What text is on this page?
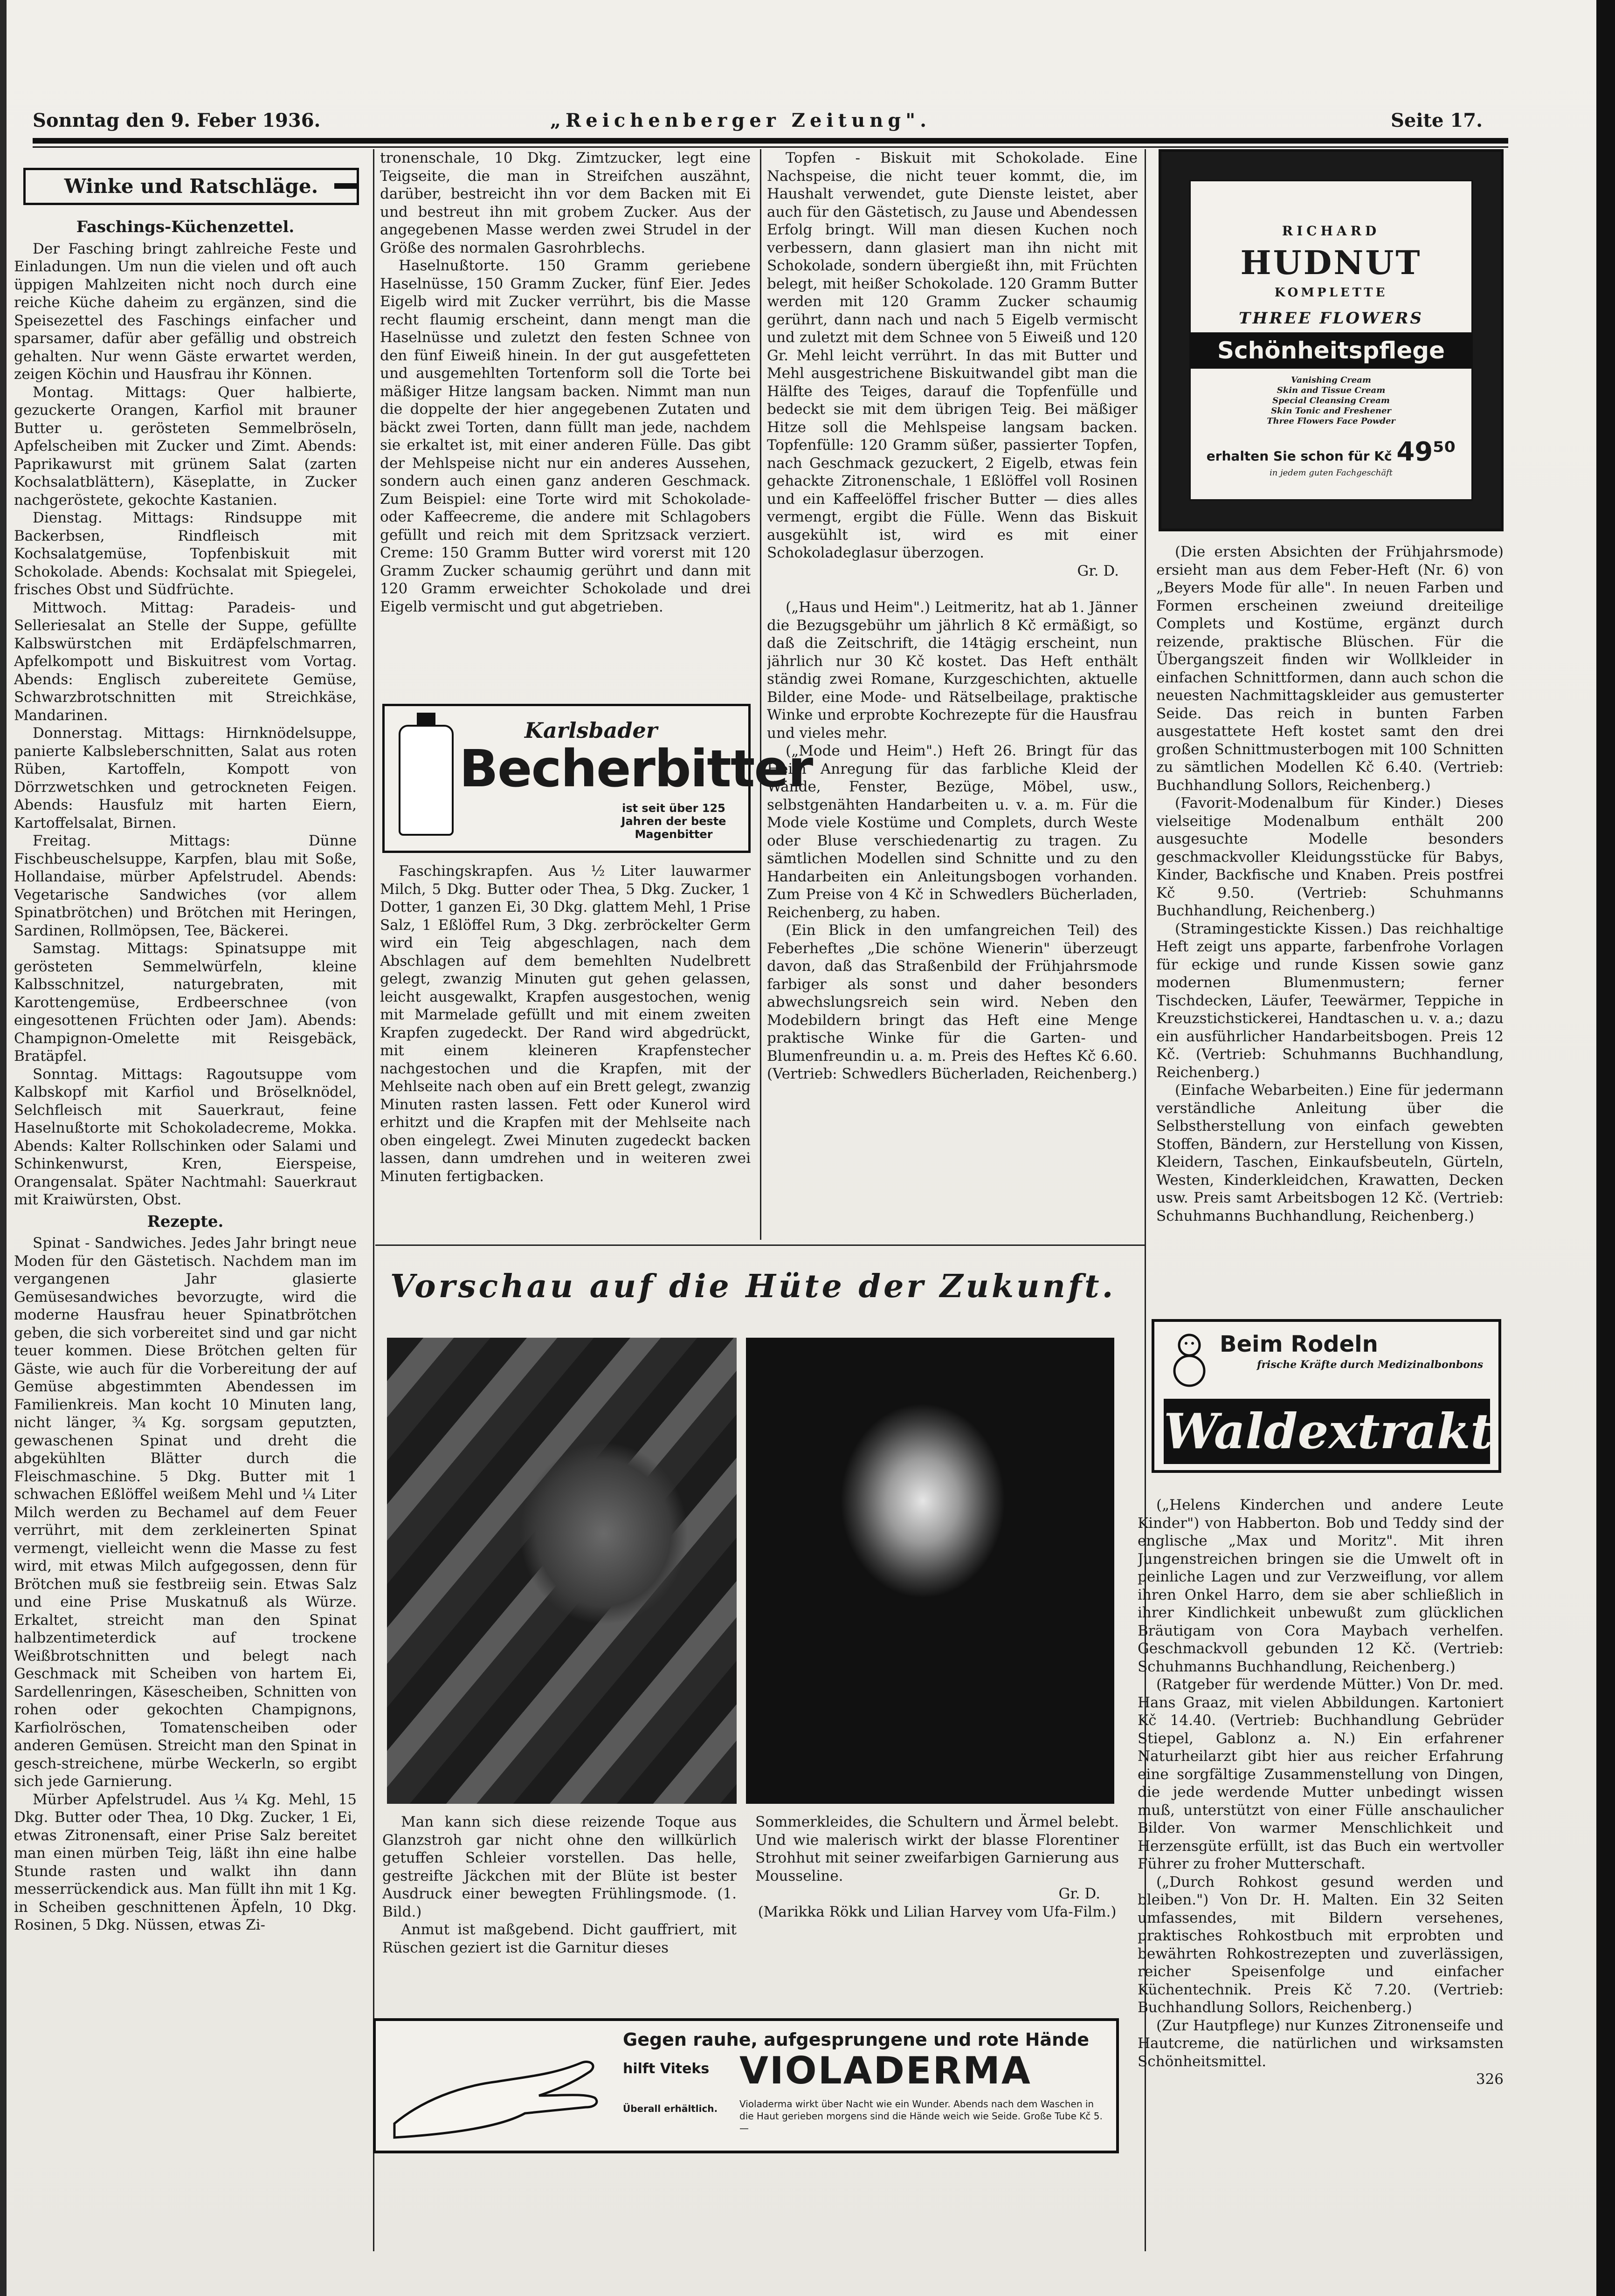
Sonntag den 9. Feber 1936.	„Reichenberger Zeitung".	Seite 17.
Winke und Ratschläge.
Faschings-Küchenzettel.

Der Fasching bringt zahlreiche Feste und Einladungen. Um nun die vielen und oft auch üppigen Mahlzeiten nicht noch durch eine reiche Küche daheim zu ergänzen, sind die Speisezettel des Faschings einfacher und sparsamer, dafür aber gefällig und obstreich gehalten. Nur wenn Gäste erwartet werden, zeigen Köchin und Hausfrau ihr Können.

Montag. Mittags: Quer halbierte, gezuckerte Orangen, Karfiol mit brauner Butter u. gerösteten Semmelbröseln, Apfelscheiben mit Zucker und Zimt. Abends: Paprikawurst mit grünem Salat (zarten Kochsalatblättern), Käseplatte, in Zucker nachgeröstete, gekochte Kastanien.

Dienstag. Mittags: Rindsuppe mit Backerbsen, Rindfleisch mit Kochsalatgemüse, Topfenbiskuit mit Schokolade. Abends: Kochsalat mit Spiegelei, frisches Obst und Südfrüchte.

Mittwoch. Mittag: Paradeis- und Selleriesalat an Stelle der Suppe, gefüllte Kalbswürstchen mit Erdäpfelschmarren, Apfelkompott und Biskuitrest vom Vortag. Abends: Englisch zubereitete Gemüse, Schwarzbrotschnitten mit Streichkäse, Mandarinen.

Donnerstag. Mittags: Hirnknödelsuppe, panierte Kalbsleberschnitten, Salat aus roten Rüben, Kartoffeln, Kompott von Dörrzwetschken und getrockneten Feigen. Abends: Hausfulz mit harten Eiern, Kartoffelsalat, Birnen.

Freitag. Mittags: Dünne Fischbeuschelsuppe, Karpfen, blau mit Soße, Hollandaise, mürber Apfelstrudel. Abends: Vegetarische Sandwiches (vor allem Spinatbrötchen) und Brötchen mit Heringen, Sardinen, Rollmöpsen, Tee, Bäckerei.

Samstag. Mittags: Spinatsuppe mit gerösteten Semmelwürfeln, kleine Kalbsschnitzel, naturgebraten, mit Karottengemüse, Erdbeerschnee (von eingesottenen Früchten oder Jam). Abends: Champignon-Omelette mit Reisgebäck, Bratäpfel.

Sonntag. Mittags: Ragoutsuppe vom Kalbskopf mit Karfiol und Bröselknödel, Selchfleisch mit Sauerkraut, feine Haselnußtorte mit Schokoladecreme, Mokka. Abends: Kalter Rollschinken oder Salami und Schinkenwurst, Kren, Eierspeise, Orangensalat. Später Nachtmahl: Sauerkraut mit Kraiwürsten, Obst.

Rezepte.

Spinat - Sandwiches. Jedes Jahr bringt neue Moden für den Gästetisch. Nachdem man im vergangenen Jahr glasierte Gemüsesandwiches bevorzugte, wird die moderne Hausfrau heuer Spinatbrötchen geben, die sich vorbereitet sind und gar nicht teuer kommen. Diese Brötchen gelten für Gäste, wie auch für die Vorbereitung der auf Gemüse abgestimmten Abendessen im Familienkreis. Man kocht 10 Minuten lang, nicht länger, ¾ Kg. sorgsam geputzten, gewaschenen Spinat und dreht die abgekühlten Blätter durch die Fleischmaschine. 5 Dkg. Butter mit 1 schwachen Eßlöffel weißem Mehl und ¼ Liter Milch werden zu Bechamel auf dem Feuer verrührt, mit dem zerkleinerten Spinat vermengt, vielleicht wenn die Masse zu fest wird, mit etwas Milch aufgegossen, denn für Brötchen muß sie festbreiig sein. Etwas Salz und eine Prise Muskatnuß als Würze. Erkaltet, streicht man den Spinat halbzentimeterdick auf trockene Weißbrotschnitten und belegt nach Geschmack mit Scheiben von hartem Ei, Sardellenringen, Käsescheiben, Schnitten von rohen oder gekochten Champignons, Karfiolröschen, Tomatenscheiben oder anderen Gemüsen. Streicht man den Spinat in gesch-streichene, mürbe Weckerln, so ergibt sich jede Garnierung.

Mürber Apfelstrudel. Aus ¼ Kg. Mehl, 15 Dkg. Butter oder Thea, 10 Dkg. Zucker, 1 Ei, etwas Zitronensaft, einer Prise Salz bereitet man einen mürben Teig, läßt ihn eine halbe Stunde rasten und walkt ihn dann messerrückendick aus. Man füllt ihn mit 1 Kg. in Scheiben geschnittenen Äpfeln, 10 Dkg. Rosinen, 5 Dkg. Nüssen, etwas Zi-

tronenschale, 10 Dkg. Zimtzucker, legt eine Teigseite, die man in Streifchen auszähnt, darüber, bestreicht ihn vor dem Backen mit Ei und bestreut ihn mit grobem Zucker. Aus der angegebenen Masse werden zwei Strudel in der Größe des normalen Gasrohrblechs.

Haselnußtorte. 150 Gramm geriebene Haselnüsse, 150 Gramm Zucker, fünf Eier. Jedes Eigelb wird mit Zucker verrührt, bis die Masse recht flaumig erscheint, dann mengt man die Haselnüsse und zuletzt den festen Schnee von den fünf Eiweiß hinein. In der gut ausgefetteten und ausgemehlten Tortenform soll die Torte bei mäßiger Hitze langsam backen. Nimmt man nun die doppelte der hier angegebenen Zutaten und bäckt zwei Torten, dann füllt man jede, nachdem sie erkaltet ist, mit einer anderen Fülle. Das gibt der Mehlspeise nicht nur ein anderes Aussehen, sondern auch einen ganz anderen Geschmack. Zum Beispiel: eine Torte wird mit Schokolade- oder Kaffeecreme, die andere mit Schlagobers gefüllt und reich mit dem Spritzsack verziert. Creme: 150 Gramm Butter wird vorerst mit 120 Gramm Zucker schaumig gerührt und dann mit 120 Gramm erweichter Schokolade und drei Eigelb vermischt und gut abgetrieben.

Karlsbader
Becherbitter
ist seit über 125 Jahren der beste Magenbitter

Faschingskrapfen. Aus ½ Liter lauwarmer Milch, 5 Dkg. Butter oder Thea, 5 Dkg. Zucker, 1 Dotter, 1 ganzen Ei, 30 Dkg. glattem Mehl, 1 Prise Salz, 1 Eßlöffel Rum, 3 Dkg. zerbröckelter Germ wird ein Teig abgeschlagen, nach dem Abschlagen auf dem bemehlten Nudelbrett gelegt, zwanzig Minuten gut gehen gelassen, leicht ausgewalkt, Krapfen ausgestochen, wenig mit Marmelade gefüllt und mit einem zweiten Krapfen zugedeckt. Der Rand wird abgedrückt, mit einem kleineren Krapfenstecher nachgestochen und die Krapfen, mit der Mehlseite nach oben auf ein Brett gelegt, zwanzig Minuten rasten lassen. Fett oder Kunerol wird erhitzt und die Krapfen mit der Mehlseite nach oben eingelegt. Zwei Minuten zugedeckt backen lassen, dann umdrehen und in weiteren zwei Minuten fertigbacken.

Topfen - Biskuit mit Schokolade. Eine Nachspeise, die nicht teuer kommt, die, im Haushalt verwendet, gute Dienste leistet, aber auch für den Gästetisch, zu Jause und Abendessen Erfolg bringt. Will man diesen Kuchen noch verbessern, dann glasiert man ihn nicht mit Schokolade, sondern übergießt ihn, mit Früchten belegt, mit heißer Schokolade. 120 Gramm Butter werden mit 120 Gramm Zucker schaumig gerührt, dann nach und nach 5 Eigelb vermischt und zuletzt mit dem Schnee von 5 Eiweiß und 120 Gr. Mehl leicht verrührt. In das mit Butter und Mehl ausgestrichene Biskuitwandel gibt man die Hälfte des Teiges, darauf die Topfenfülle und bedeckt sie mit dem übrigen Teig. Bei mäßiger Hitze soll die Mehlspeise langsam backen. Topfenfülle: 120 Gramm süßer, passierter Topfen, nach Geschmack gezuckert, 2 Eigelb, etwas fein gehackte Zitronenschale, 1 Eßlöffel voll Rosinen und ein Kaffeelöffel frischer Butter — dies alles vermengt, ergibt die Fülle. Wenn das Biskuit ausgekühlt ist, wird es mit einer Schokoladeglasur überzogen.

Gr. D.

(„Haus und Heim".) Leitmeritz, hat ab 1. Jänner die Bezugsgebühr um jährlich 8 Kč ermäßigt, so daß die Zeitschrift, die 14tägig erscheint, nun jährlich nur 30 Kč kostet. Das Heft enthält ständig zwei Romane, Kurzgeschichten, aktuelle Bilder, eine Mode- und Rätselbeilage, praktische Winke und erprobte Kochrezepte für die Hausfrau und vieles mehr.

(„Mode und Heim".) Heft 26. Bringt für das Heim Anregung für das farbliche Kleid der Wände, Fenster, Bezüge, Möbel, usw., selbstgenähten Handarbeiten u. v. a. m. Für die Mode viele Kostüme und Complets, durch Weste oder Bluse verschiedenartig zu tragen. Zu sämtlichen Modellen sind Schnitte und zu den Handarbeiten ein Anleitungsbogen vorhanden. Zum Preise von 4 Kč in Schwedlers Bücherladen, Reichenberg, zu haben.

(Ein Blick in den umfangreichen Teil) des Feberheftes „Die schöne Wienerin" überzeugt davon, daß das Straßenbild der Frühjahrsmode farbiger als sonst und daher besonders abwechslungsreich sein wird. Neben den Modebildern bringt das Heft eine Menge praktische Winke für die Garten- und Blumenfreundin u. a. m. Preis des Heftes Kč 6.60. (Vertrieb: Schwedlers Bücherladen, Reichenberg.)

RICHARD
HUDNUT
KOMPLETTE
THREE FLOWERS
Schönheitspflege
Vanishing Cream
Skin and Tissue Cream
Special Cleansing Cream
Skin Tonic and Freshener
Three Flowers Face Powder
erhalten Sie schon für Kč 49⁵⁰
in jedem guten Fachgeschäft

(Die ersten Absichten der Frühjahrsmode) ersieht man aus dem Feber-Heft (Nr. 6) von „Beyers Mode für alle". In neuen Farben und Formen erscheinen zweiund dreiteilige Complets und Kostüme, ergänzt durch reizende, praktische Blüschen. Für die Übergangszeit finden wir Wollkleider in einfachen Schnittformen, dann auch schon die neuesten Nachmittagskleider aus gemusterter Seide. Das reich in bunten Farben ausgestattete Heft kostet samt den drei großen Schnittmusterbogen mit 100 Schnitten zu sämtlichen Modellen Kč 6.40. (Vertrieb: Buchhandlung Sollors, Reichenberg.)

(Favorit-Modenalbum für Kinder.) Dieses vielseitige Modenalbum enthält 200 ausgesuchte Modelle besonders geschmackvoller Kleidungsstücke für Babys, Kinder, Backfische und Knaben. Preis postfrei Kč 9.50. (Vertrieb: Schuhmanns Buchhandlung, Reichenberg.)

(Stramingestickte Kissen.) Das reichhaltige Heft zeigt uns apparte, farbenfrohe Vorlagen für eckige und runde Kissen sowie ganz modernen Blumenmustern; ferner Tischdecken, Läufer, Teewärmer, Teppiche in Kreuzstichstickerei, Handtaschen u. v. a.; dazu ein ausführlicher Handarbeitsbogen. Preis 12 Kč. (Vertrieb: Schuhmanns Buchhandlung, Reichenberg.)

(Einfache Webarbeiten.) Eine für jedermann verständliche Anleitung über die Selbstherstellung von einfach gewebten Stoffen, Bändern, zur Herstellung von Kissen, Kleidern, Taschen, Einkaufsbeuteln, Gürteln, Westen, Kinderkleidchen, Krawatten, Decken usw. Preis samt Arbeitsbogen 12 Kč. (Vertrieb: Schuhmanns Buchhandlung, Reichenberg.)

Beim Rodeln
frische Kräfte durch Medizinalbonbons
Waldextrakt

(„Helens Kinderchen und andere Leute Kinder") von Habberton. Bob und Teddy sind der englische „Max und Moritz". Mit ihren Jungenstreichen bringen sie die Umwelt oft in peinliche Lagen und zur Verzweiflung, vor allem ihren Onkel Harro, dem sie aber schließlich in ihrer Kindlichkeit unbewußt zum glücklichen Bräutigam von Cora Maybach verhelfen. Geschmackvoll gebunden 12 Kč. (Vertrieb: Schuhmanns Buchhandlung, Reichenberg.)

(Ratgeber für werdende Mütter.) Von Dr. med. Hans Graaz, mit vielen Abbildungen. Kartoniert Kč 14.40. (Vertrieb: Buchhandlung Gebrüder Stiepel, Gablonz a. N.) Ein erfahrener Naturheilarzt gibt hier aus reicher Erfahrung eine sorgfältige Zusammenstellung von Dingen, die jede werdende Mutter unbedingt wissen muß, unterstützt von einer Fülle anschaulicher Bilder. Von warmer Menschlichkeit und Herzensgüte erfüllt, ist das Buch ein wertvoller Führer zu froher Mutterschaft.

(„Durch Rohkost gesund werden und bleiben.") Von Dr. H. Malten. Ein 32 Seiten umfassendes, mit Bildern versehenes, praktisches Rohkostbuch mit erprobten und bewährten Rohkostrezepten und zuverlässigen, reicher Speisenfolge und einfacher Küchentechnik. Preis Kč 7.20. (Vertrieb: Buchhandlung Sollors, Reichenberg.)

(Zur Hautpflege) nur Kunzes Zitronenseife und Hautcreme, die natürlichen und wirksamsten Schönheitsmittel.

326

Vorschau auf die Hüte der Zukunft.

Man kann sich diese reizende Toque aus Glanzstroh gar nicht ohne den willkürlich getuffen Schleier vorstellen. Das helle, gestreifte Jäckchen mit der Blüte ist bester Ausdruck einer bewegten Frühlingsmode. (1. Bild.)

Anmut ist maßgebend. Dicht gauffriert, mit Rüschen geziert ist die Garnitur dieses

Sommerkleides, die Schultern und Ärmel belebt. Und wie malerisch wirkt der blasse Florentiner Strohhut mit seiner zweifarbigen Garnierung aus Mousseline.

Gr. D.

(Marikka Rökk und Lilian Harvey vom Ufa-Film.)

Gegen rauhe, aufgesprungene und rote Hände
hilft Viteks VIOLADERMA
Überall erhältlich. Violaderma wirkt über Nacht wie ein Wunder. Abends nach dem Waschen in die Haut gerieben morgens sind die Hände weich wie Seide. Große Tube Kč 5.—
